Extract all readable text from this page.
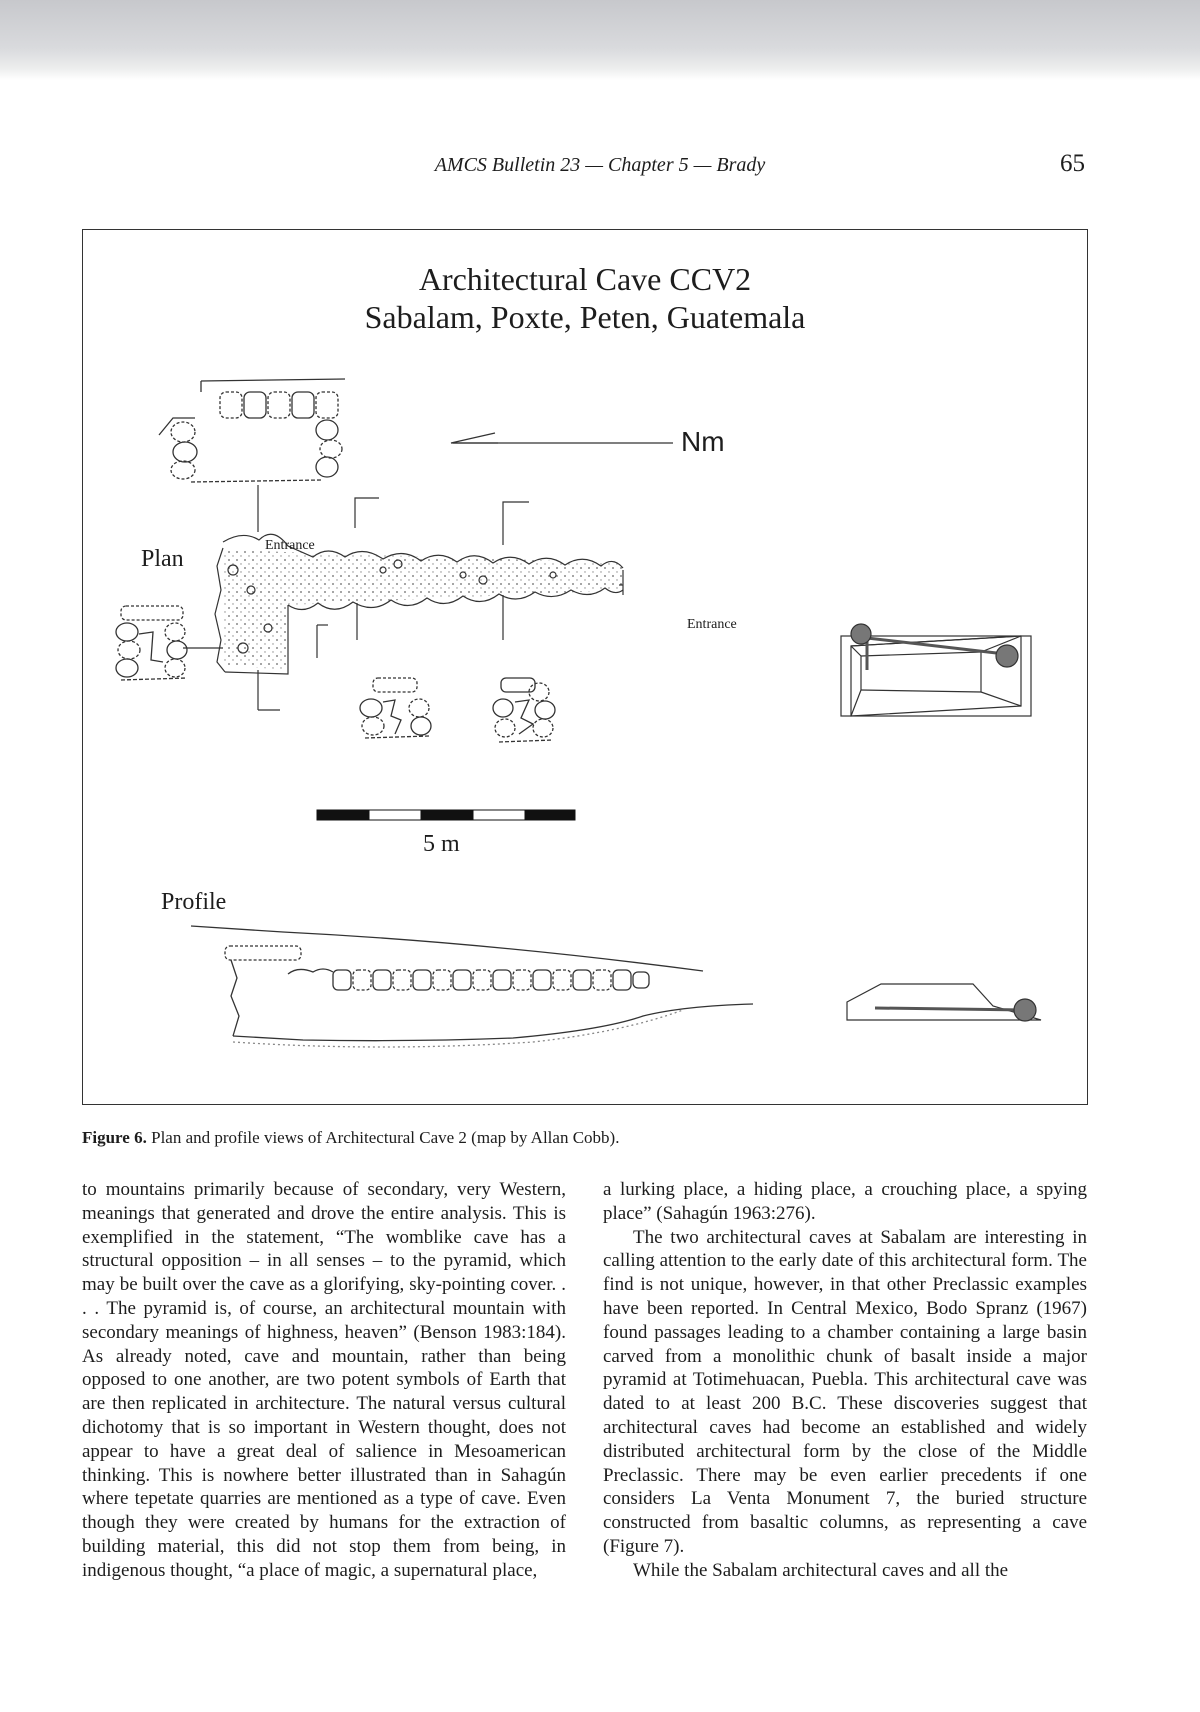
AMCS Bulletin 23 — Chapter 5 — Brady	65
Architectural Cave CCV2
Sabalam, Poxte, Peten, Guatemala
Nm
Plan
Entrance
Entrance
5 m
Profile
Figure 6. Plan and profile views of Architectural Cave 2 (map by Allan Cobb).

to mountains primarily because of secondary, very Western, meanings that generated and drove the entire analysis. This is exemplified in the statement, “The womblike cave has a structural opposition – in all senses – to the pyramid, which may be built over the cave as a glorifying, sky-pointing cover. . . . The pyramid is, of course, an architectural mountain with secondary meanings of highness, heaven” (Benson 1983:184). As already noted, cave and mountain, rather than being opposed to one another, are two potent symbols of Earth that are then replicated in architecture. The natural versus cultural dichotomy that is so important in Western thought, does not appear to have a great deal of salience in Mesoamerican thinking. This is nowhere better illustrated than in Sahagún where tepetate quarries are mentioned as a type of cave. Even though they were created by humans for the extraction of building material, this did not stop them from being, in indigenous thought, “a place of magic, a supernatural place,

a lurking place, a hiding place, a crouching place, a spying place” (Sahagún 1963:276).

The two architectural caves at Sabalam are interesting in calling attention to the early date of this architectural form. The find is not unique, however, in that other Preclassic examples have been reported. In Central Mexico, Bodo Spranz (1967) found passages leading to a chamber containing a large basin carved from a monolithic chunk of basalt inside a major pyramid at Totimehuacan, Puebla. This architectural cave was dated to at least 200 B.C. These discoveries suggest that architectural caves had become an established and widely distributed architectural form by the close of the Middle Preclassic. There may be even earlier precedents if one considers La Venta Monument 7, the buried structure constructed from basaltic columns, as representing a cave (Figure 7).

While the Sabalam architectural caves and all the
